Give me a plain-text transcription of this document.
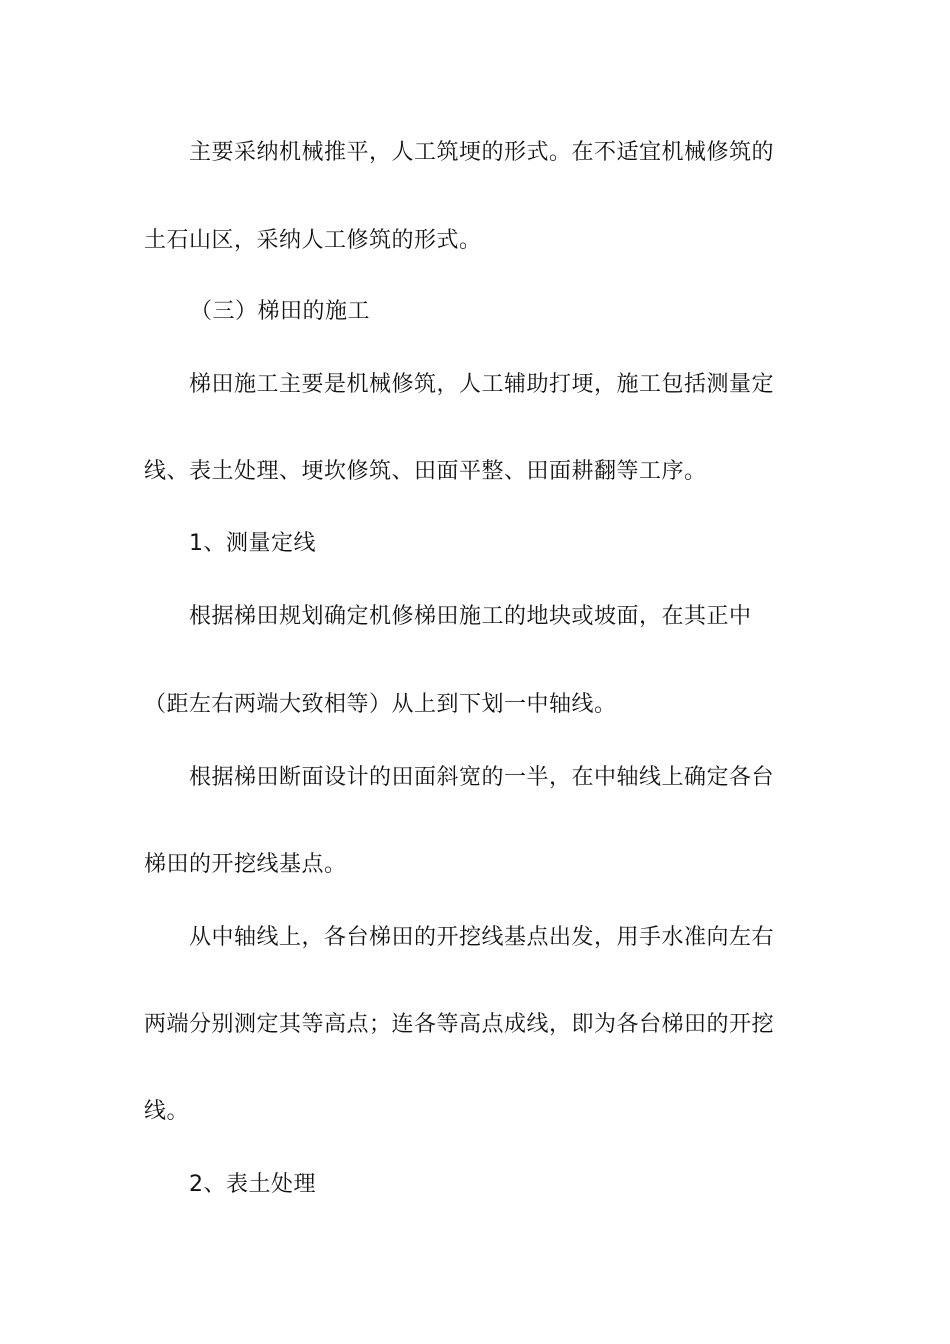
主要采纳机械推平，人工筑埂的形式。在不适宜机械修筑的
土石山区，采纳人工修筑的形式。
（三）梯田的施工
梯田施工主要是机械修筑，人工辅助打埂，施工包括测量定
线、表土处理、埂坎修筑、田面平整、田面耕翻等工序。
1、测量定线
根据梯田规划确定机修梯田施工的地块或坡面，在其正中
（距左右两端大致相等）从上到下划一中轴线。
根据梯田断面设计的田面斜宽的一半，在中轴线上确定各台
梯田的开挖线基点。
从中轴线上，各台梯田的开挖线基点出发，用手水准向左右
两端分别测定其等高点；连各等高点成线，即为各台梯田的开挖
线。
2、表土处理
